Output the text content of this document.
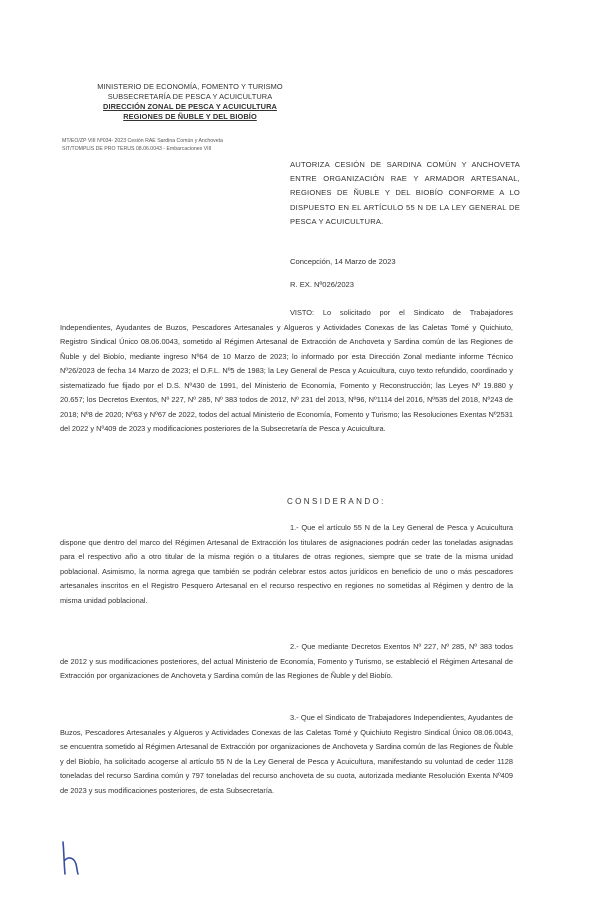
MINISTERIO DE ECONOMÍA, FOMENTO Y TURISMO
SUBSECRETARÍA DE PESCA Y ACUICULTURA
DIRECCIÓN ZONAL DE PESCA Y ACUICULTURA
REGIONES DE ÑUBLE Y DEL BIOBÍO
MT/EO/ZP VIII Nº034- 2023 Cesión RAE Sardina Común y Anchoveta
SIT/TOMPLIS DE PRO TERUS 08.06.0043 - Embarcaciones VIII
AUTORIZA CESIÓN DE SARDINA COMÚN Y ANCHOVETA ENTRE ORGANIZACIÓN RAE Y ARMADOR ARTESANAL, REGIONES DE ÑUBLE Y DEL BIOBÍO CONFORME A LO DISPUESTO EN EL ARTÍCULO 55 N DE LA LEY GENERAL DE PESCA Y ACUICULTURA.
Concepción, 14 Marzo de 2023
R. EX. Nº026/2023
VISTO: Lo solicitado por el Sindicato de Trabajadores Independientes, Ayudantes de Buzos, Pescadores Artesanales y Algueros y Actividades Conexas de las Caletas Tomé y Quichiuto, Registro Sindical Único 08.06.0043, sometido al Régimen Artesanal de Extracción de Anchoveta y Sardina común de las Regiones de Ñuble y del Biobío, mediante ingreso Nº64 de 10 Marzo de 2023; lo informado por esta Dirección Zonal mediante informe Técnico Nº26/2023 de fecha 14 Marzo de 2023; el D.F.L. Nº5 de 1983; la Ley General de Pesca y Acuicultura, cuyo texto refundido, coordinado y sistematizado fue fijado por el D.S. Nº430 de 1991, del Ministerio de Economía, Fomento y Reconstrucción; las Leyes Nº 19.880 y 20.657; los Decretos Exentos, Nº 227, Nº 285, Nº 383 todos de 2012, Nº 231 del 2013, Nº96, Nº1114 del 2016, Nº535 del 2018, Nº243 de 2018; Nº8 de 2020; Nº63 y Nº67 de 2022, todos del actual Ministerio de Economía, Fomento y Turismo; las Resoluciones Exentas Nº2531 del 2022 y Nº409 de 2023 y modificaciones posteriores de la Subsecretaría de Pesca y Acuicultura.
CONSIDERANDO:
1.- Que el artículo 55 N de la Ley General de Pesca y Acuicultura dispone que dentro del marco del Régimen Artesanal de Extracción los titulares de asignaciones podrán ceder las toneladas asignadas para el respectivo año a otro titular de la misma región o a titulares de otras regiones, siempre que se trate de la misma unidad poblacional. Asimismo, la norma agrega que también se podrán celebrar estos actos jurídicos en beneficio de uno o más pescadores artesanales inscritos en el Registro Pesquero Artesanal en el recurso respectivo en regiones no sometidas al Régimen y dentro de la misma unidad poblacional.
2.- Que mediante Decretos Exentos Nº 227, Nº 285, Nº 383 todos de 2012 y sus modificaciones posteriores, del actual Ministerio de Economía, Fomento y Turismo, se estableció el Régimen Artesanal de Extracción por organizaciones de Anchoveta y Sardina común de las Regiones de Ñuble y del Biobío.
3.- Que el Sindicato de Trabajadores Independientes, Ayudantes de Buzos, Pescadores Artesanales y Algueros y Actividades Conexas de las Caletas Tomé y Quichiuto Registro Sindical Único 08.06.0043, se encuentra sometido al Régimen Artesanal de Extracción por organizaciones de Anchoveta y Sardina común de las Regiones de Ñuble y del Biobío, ha solicitado acogerse al artículo 55 N de la Ley General de Pesca y Acuicultura, manifestando su voluntad de ceder 1128 toneladas del recurso Sardina común y 797 toneladas del recurso anchoveta de su cuota, autorizada mediante Resolución Exenta Nº409 de 2023 y sus modificaciones posteriores, de esta Subsecretaría.
